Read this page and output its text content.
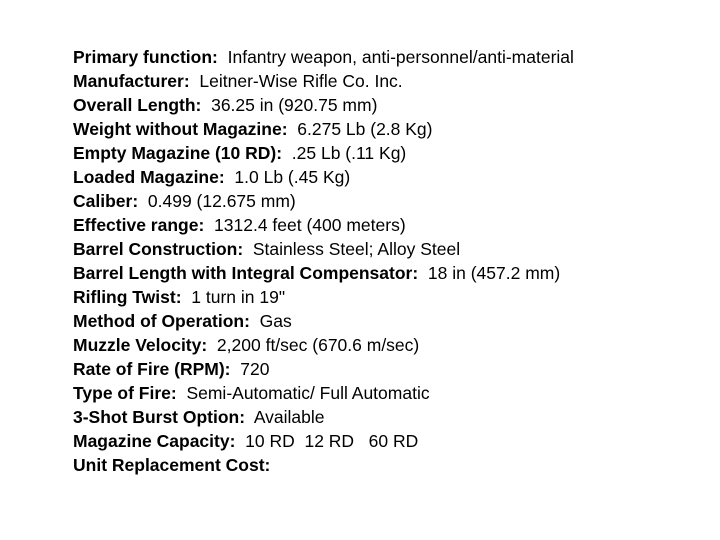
Primary function:  Infantry weapon, anti-personnel/anti-material
Manufacturer:  Leitner-Wise Rifle Co. Inc.
Overall Length:  36.25 in (920.75 mm)
Weight without Magazine:  6.275 Lb (2.8 Kg)
Empty Magazine (10 RD):  .25 Lb (.11 Kg)
Loaded Magazine:  1.0 Lb (.45 Kg)
Caliber:  0.499 (12.675 mm)
Effective range:  1312.4 feet (400 meters)
Barrel Construction:  Stainless Steel; Alloy Steel
Barrel Length with Integral Compensator:  18 in (457.2 mm)
Rifling Twist:  1 turn in 19"
Method of Operation:  Gas
Muzzle Velocity:  2,200 ft/sec (670.6 m/sec)
Rate of Fire (RPM):  720
Type of Fire:  Semi-Automatic/ Full Automatic
3-Shot Burst Option:  Available
Magazine Capacity:  10 RD  12 RD   60 RD
Unit Replacement Cost:
